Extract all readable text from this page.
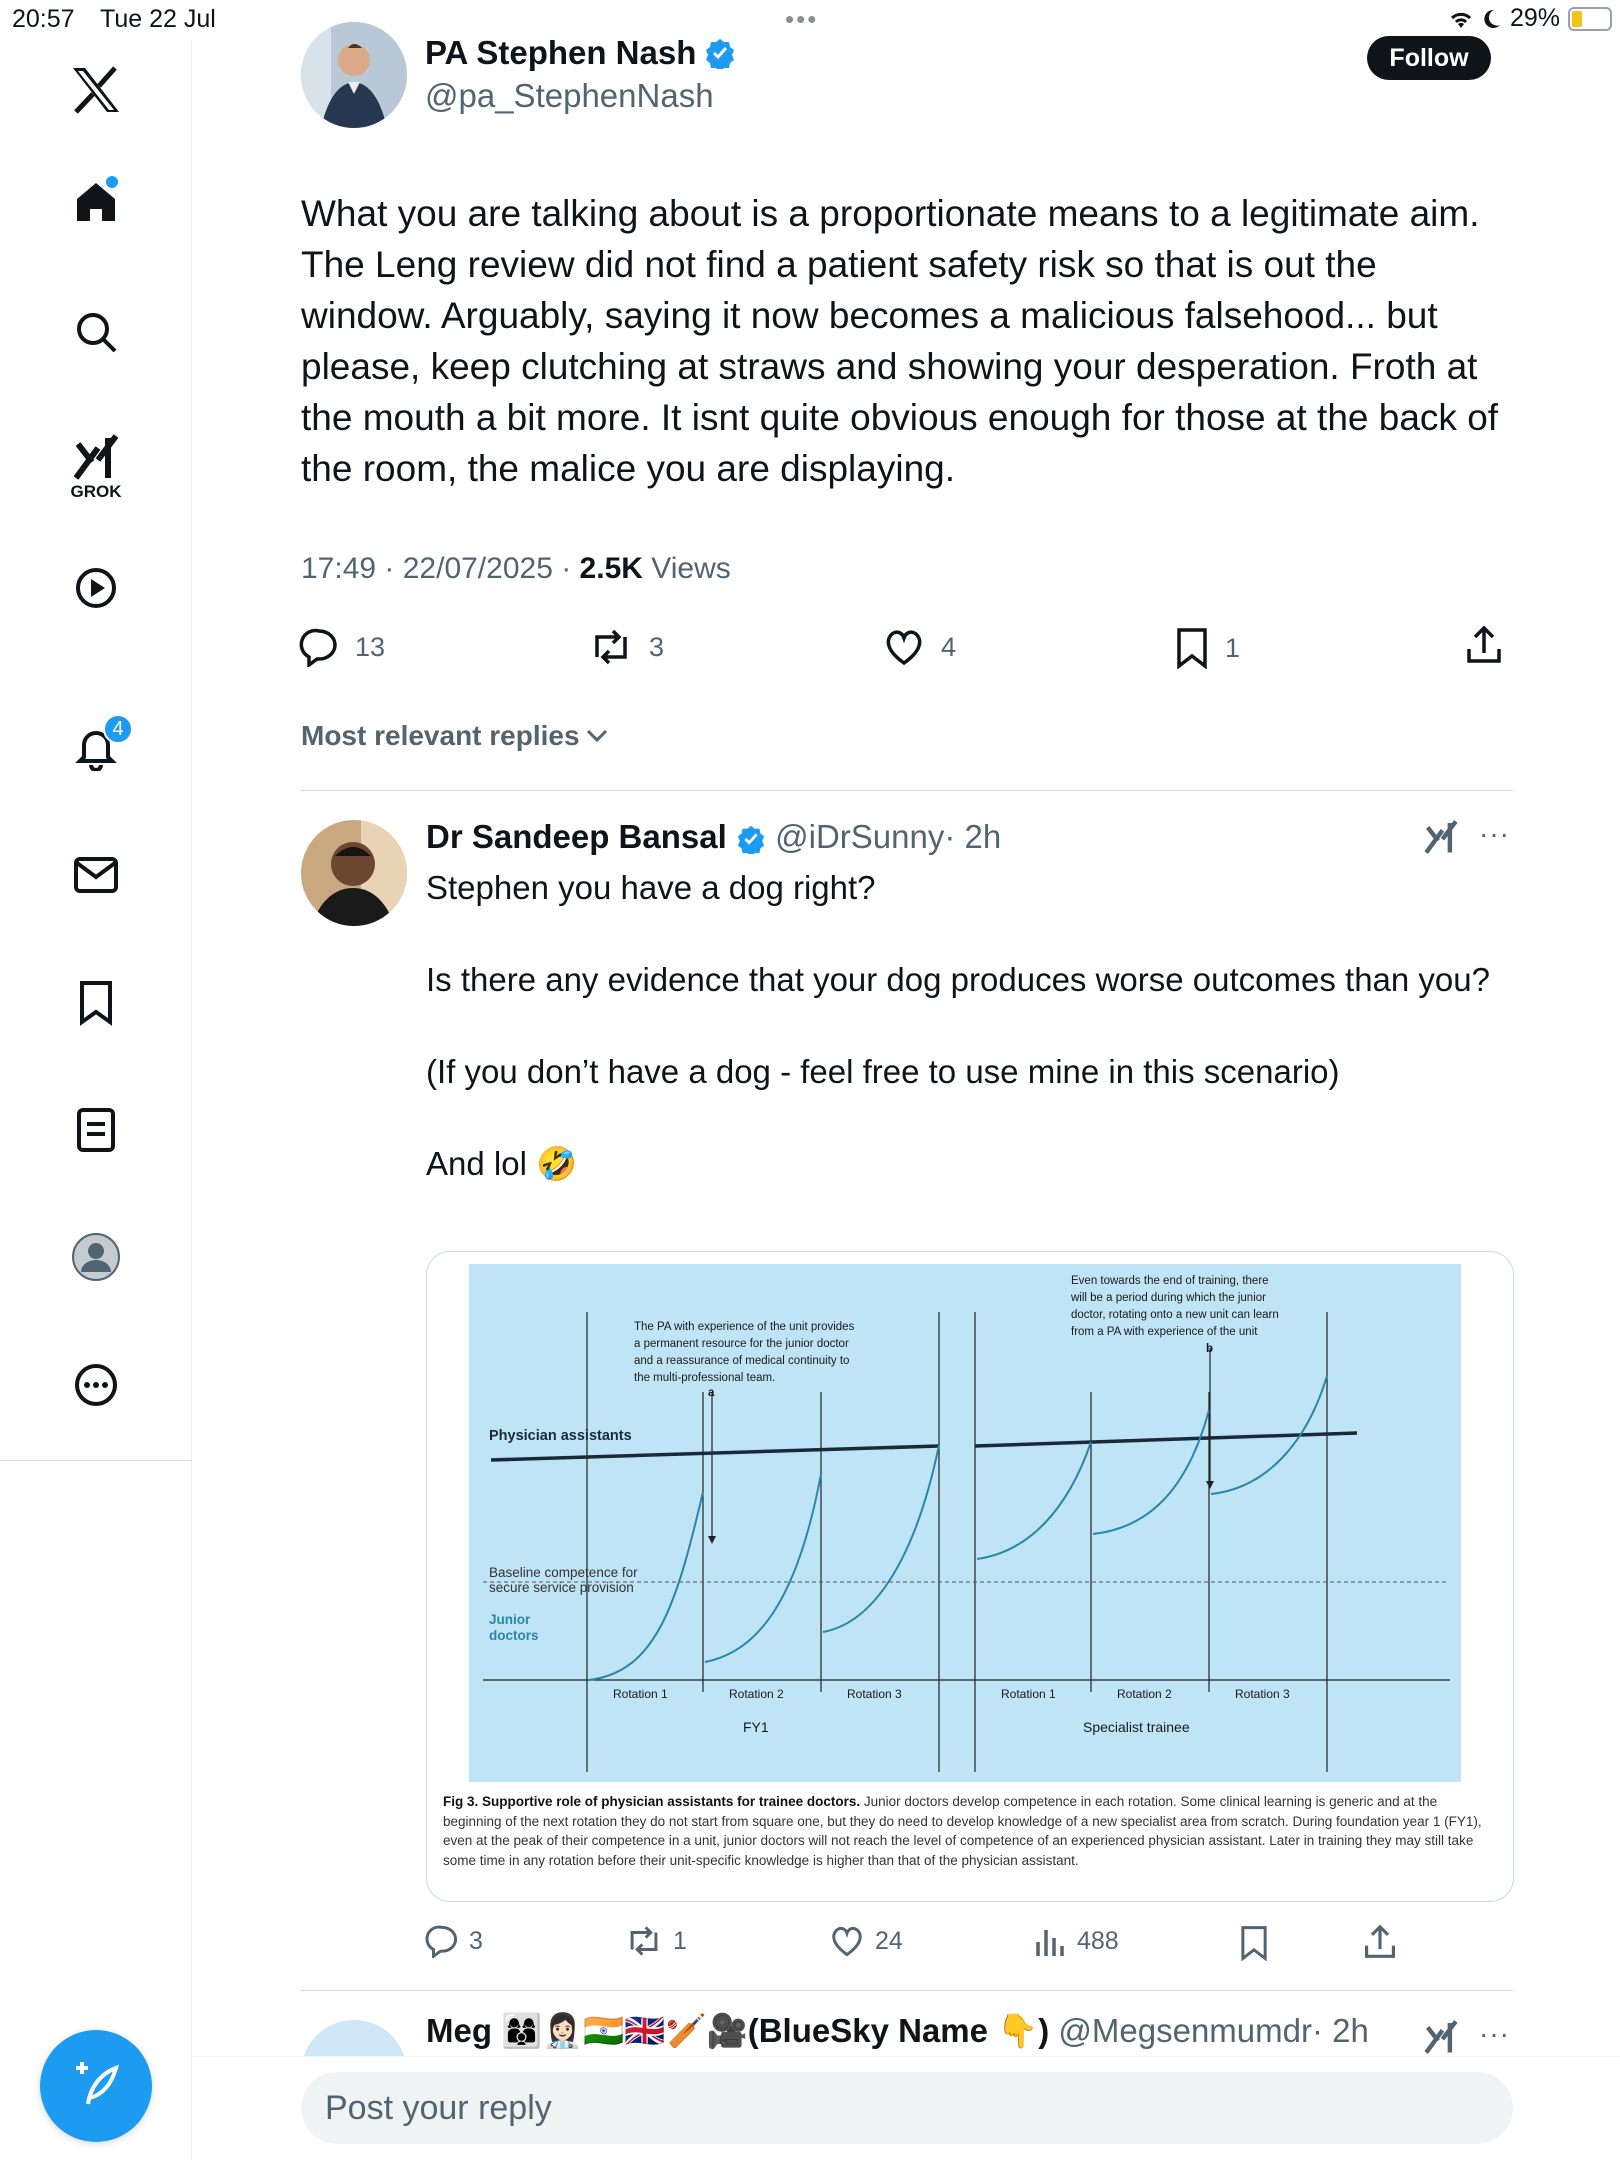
20:57 Tue 22 Jul	•••	29%
GROK
4
PA Stephen Nash
@pa_StephenNash
Follow
What you are talking about is a proportionate means to a legitimate aim. The Leng review did not find a patient safety risk so that is out the window. Arguably, saying it now becomes a malicious falsehood... but please, keep clutching at straws and showing your desperation. Froth at the mouth a bit more. It isnt quite obvious enough for those at the back of the room, the malice you are displaying.
17:49 · 22/07/2025 · 2.5K Views
13	3	4	1
Most relevant replies
Dr Sandeep Bansal @iDrSunny· 2h	···

Stephen you have a dog right?

Is there any evidence that your dog produces worse outcomes than you?

(If you don’t have a dog - feel free to use mine in this scenario)

And lol 🤣

Physician assistants
Baseline competence for
secure service provision
Junior
doctors
The PA with experience of the unit provides
a permanent resource for the junior doctor
and a reassurance of medical continuity to
the multi-professional team.
a
Even towards the end of training, there
will be a period during which the junior
doctor, rotating onto a new unit can learn
from a PA with experience of the unit
b
Rotation 1	Rotation 2	Rotation 3	Rotation 1	Rotation 2	Rotation 3
FY1	Specialist trainee
Fig 3. Supportive role of physician assistants for trainee doctors. Junior doctors develop competence in each rotation. Some clinical learning is generic and at the beginning of the next rotation they do not start from square one, but they do need to develop knowledge of a new specialist area from scratch. During foundation year 1 (FY1), even at the peak of their competence in a unit, junior doctors will not reach the level of competence of an experienced physician assistant. Later in training they may still take some time in any rotation before their unit-specific knowledge is higher than that of the physician assistant.
3	1	24	488
Meg 👩‍👩‍👦👩🏻‍⚕️🇮🇳🇬🇧🏏🎥(BlueSky Name 👇) @Megsenmumdr· 2h	···
Post your reply
